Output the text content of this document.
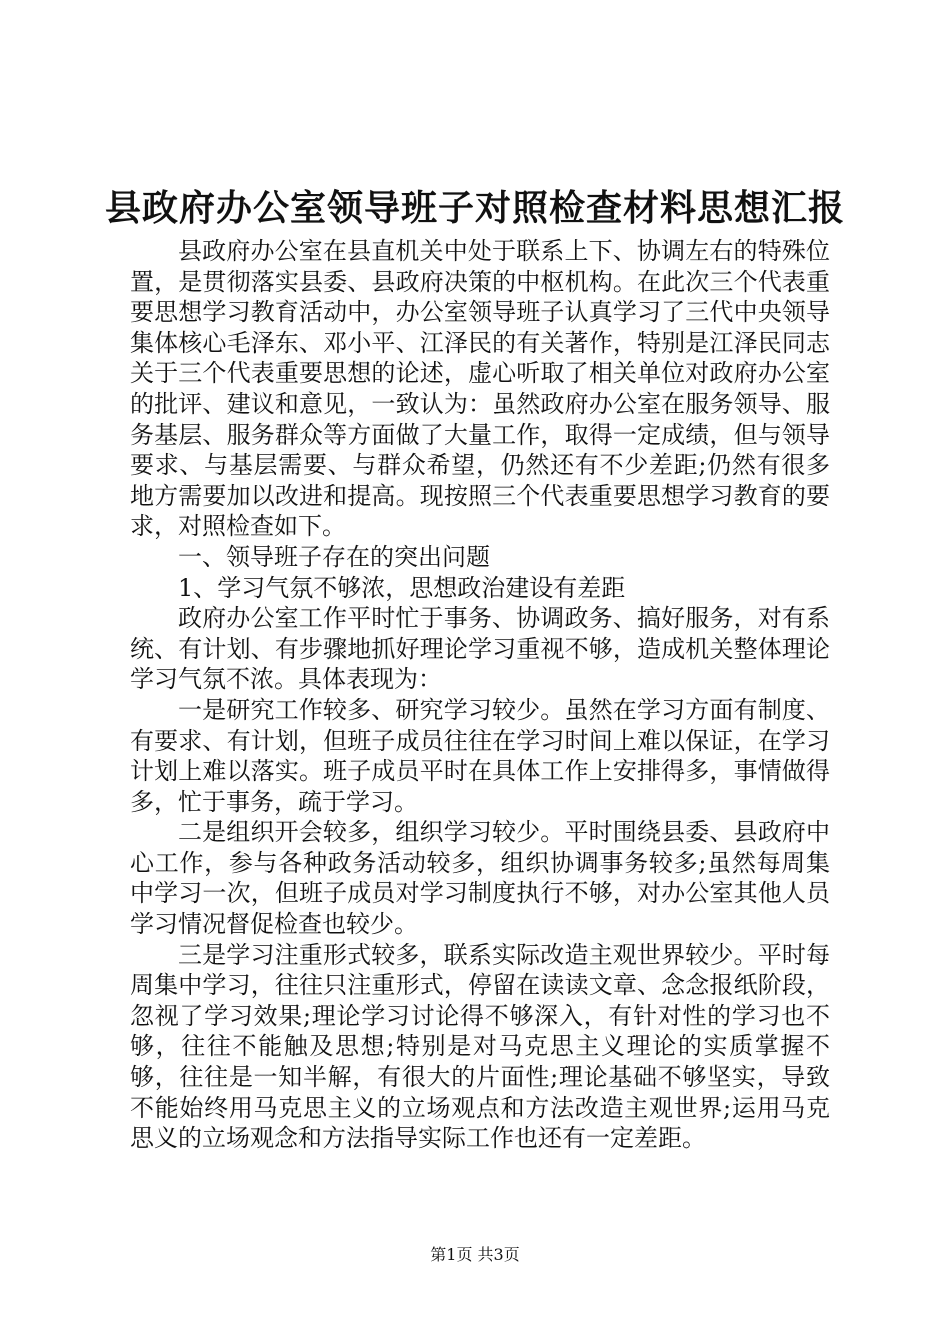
县政府办公室领导班子对照检查材料思想汇报

县政府办公室在县直机关中处于联系上下、协调左右的特殊位置，是贯彻落实县委、县政府决策的中枢机构。在此次三个代表重要思想学习教育活动中，办公室领导班子认真学习了三代中央领导集体核心毛泽东、邓小平、江泽民的有关著作，特别是江泽民同志关于三个代表重要思想的论述，虚心听取了相关单位对政府办公室的批评、建议和意见，一致认为：虽然政府办公室在服务领导、服务基层、服务群众等方面做了大量工作，取得一定成绩，但与领导要求、与基层需要、与群众希望，仍然还有不少差距;仍然有很多地方需要加以改进和提高。现按照三个代表重要思想学习教育的要求，对照检查如下。

一、领导班子存在的突出问题

1、学习气氛不够浓，思想政治建设有差距

政府办公室工作平时忙于事务、协调政务、搞好服务，对有系统、有计划、有步骤地抓好理论学习重视不够，造成机关整体理论学习气氛不浓。具体表现为：

一是研究工作较多、研究学习较少。虽然在学习方面有制度、有要求、有计划，但班子成员往往在学习时间上难以保证，在学习计划上难以落实。班子成员平时在具体工作上安排得多，事情做得多，忙于事务，疏于学习。

二是组织开会较多，组织学习较少。平时围绕县委、县政府中心工作，参与各种政务活动较多，组织协调事务较多;虽然每周集中学习一次，但班子成员对学习制度执行不够，对办公室其他人员学习情况督促检查也较少。

三是学习注重形式较多，联系实际改造主观世界较少。平时每周集中学习，往往只注重形式，停留在读读文章、念念报纸阶段，忽视了学习效果;理论学习讨论得不够深入，有针对性的学习也不够，往往不能触及思想;特别是对马克思主义理论的实质掌握不够，往往是一知半解，有很大的片面性;理论基础不够坚实，导致不能始终用马克思主义的立场观点和方法改造主观世界;运用马克思义的立场观念和方法指导实际工作也还有一定差距。

第1页 共3页
